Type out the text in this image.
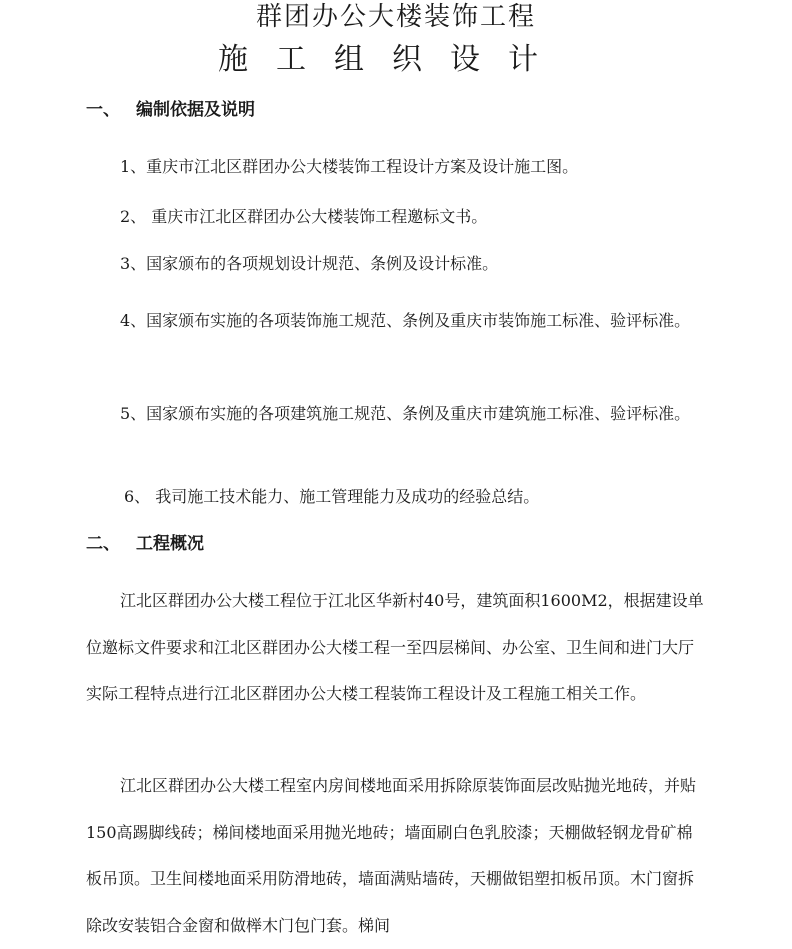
群团办公大楼装饰工程
施工组织设计
一、 编制依据及说明
1、重庆市江北区群团办公大楼装饰工程设计方案及设计施工图。
2、 重庆市江北区群团办公大楼装饰工程邀标文书。
3、国家颁布的各项规划设计规范、条例及设计标准。
4、国家颁布实施的各项装饰施工规范、条例及重庆市装饰施工标准、验评标准。
5、国家颁布实施的各项建筑施工规范、条例及重庆市建筑施工标准、验评标准。
6、 我司施工技术能力、施工管理能力及成功的经验总结。
二、 工程概况
江北区群团办公大楼工程位于江北区华新村40号，建筑面积1600M2，根据建设单位邀标文件要求和江北区群团办公大楼工程一至四层梯间、办公室、卫生间和进门大厅实际工程特点进行江北区群团办公大楼工程装饰工程设计及工程施工相关工作。
江北区群团办公大楼工程室内房间楼地面采用拆除原装饰面层改贴抛光地砖，并贴150高踢脚线砖；梯间楼地面采用抛光地砖；墙面刷白色乳胶漆；天棚做轻钢龙骨矿棉板吊顶。卫生间楼地面采用防滑地砖，墙面满贴墙砖，天棚做铝塑扣板吊顶。木门窗拆除改安装铝合金窗和做榉木门包门套。梯间
